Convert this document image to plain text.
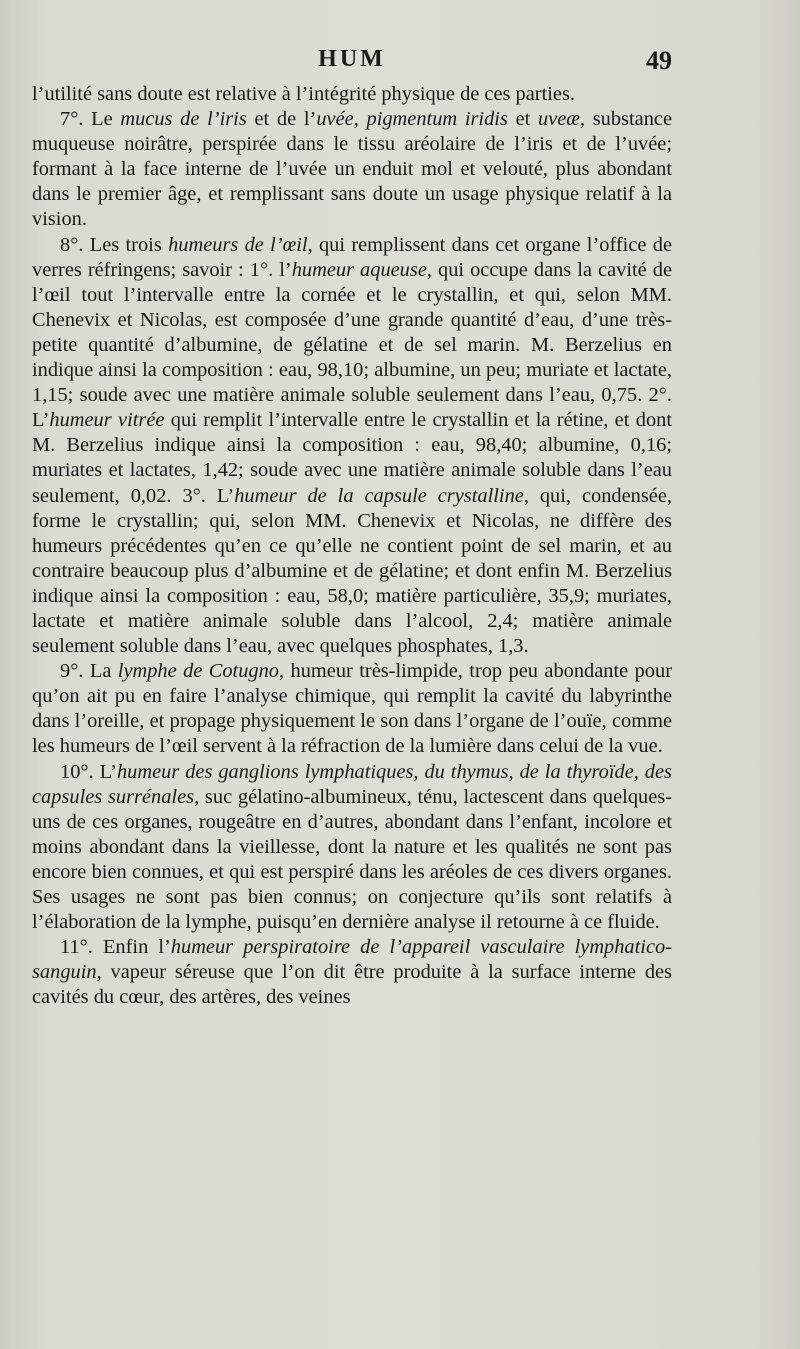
HUM	49

l’utilité sans doute est relative à l’intégrité physique de ces parties.

7°. Le mucus de l’iris et de l’uvée, pigmentum iridis et uveæ, substance muqueuse noirâtre, perspirée dans le tissu aréolaire de l’iris et de l’uvée; formant à la face interne de l’uvée un enduit mol et velouté, plus abondant dans le premier âge, et remplissant sans doute un usage physique relatif à la vision.

8°. Les trois humeurs de l’œil, qui remplissent dans cet organe l’office de verres réfringens; savoir : 1°. l’humeur aqueuse, qui occupe dans la cavité de l’œil tout l’intervalle entre la cornée et le crystallin, et qui, selon MM. Chenevix et Nicolas, est composée d’une grande quantité d’eau, d’une très-petite quantité d’albumine, de gélatine et de sel marin. M. Berzelius en indique ainsi la composition : eau, 98,10; albumine, un peu; muriate et lactate, 1,15; soude avec une matière animale soluble seulement dans l’eau, 0,75. 2°. L’humeur vitrée qui remplit l’intervalle entre le crystallin et la rétine, et dont M. Berzelius indique ainsi la composition : eau, 98,40; albumine, 0,16; muriates et lactates, 1,42; soude avec une matière animale soluble dans l’eau seulement, 0,02. 3°. L’humeur de la capsule crystalline, qui, condensée, forme le crystallin; qui, selon MM. Chenevix et Nicolas, ne diffère des humeurs précédentes qu’en ce qu’elle ne contient point de sel marin, et au contraire beaucoup plus d’albumine et de gélatine; et dont enfin M. Berzelius indique ainsi la composition : eau, 58,0; matière particulière, 35,9; muriates, lactate et matière animale soluble dans l’alcool, 2,4; matière animale seulement soluble dans l’eau, avec quelques phosphates, 1,3.

9°. La lymphe de Cotugno, humeur très-limpide, trop peu abondante pour qu’on ait pu en faire l’analyse chimique, qui remplit la cavité du labyrinthe dans l’oreille, et propage physiquement le son dans l’organe de l’ouïe, comme les humeurs de l’œil servent à la réfraction de la lumière dans celui de la vue.

10°. L’humeur des ganglions lymphatiques, du thymus, de la thyroïde, des capsules surrénales, suc gélatino-albumineux, ténu, lactescent dans quelques-uns de ces organes, rougeâtre en d’autres, abondant dans l’enfant, incolore et moins abondant dans la vieillesse, dont la nature et les qualités ne sont pas encore bien connues, et qui est perspiré dans les aréoles de ces divers organes. Ses usages ne sont pas bien connus; on conjecture qu’ils sont relatifs à l’élaboration de la lymphe, puisqu’en dernière analyse il retourne à ce fluide.

11°. Enfin l’humeur perspiratoire de l’appareil vasculaire lymphatico-sanguin, vapeur séreuse que l’on dit être produite à la surface interne des cavités du cœur, des artères, des veines
